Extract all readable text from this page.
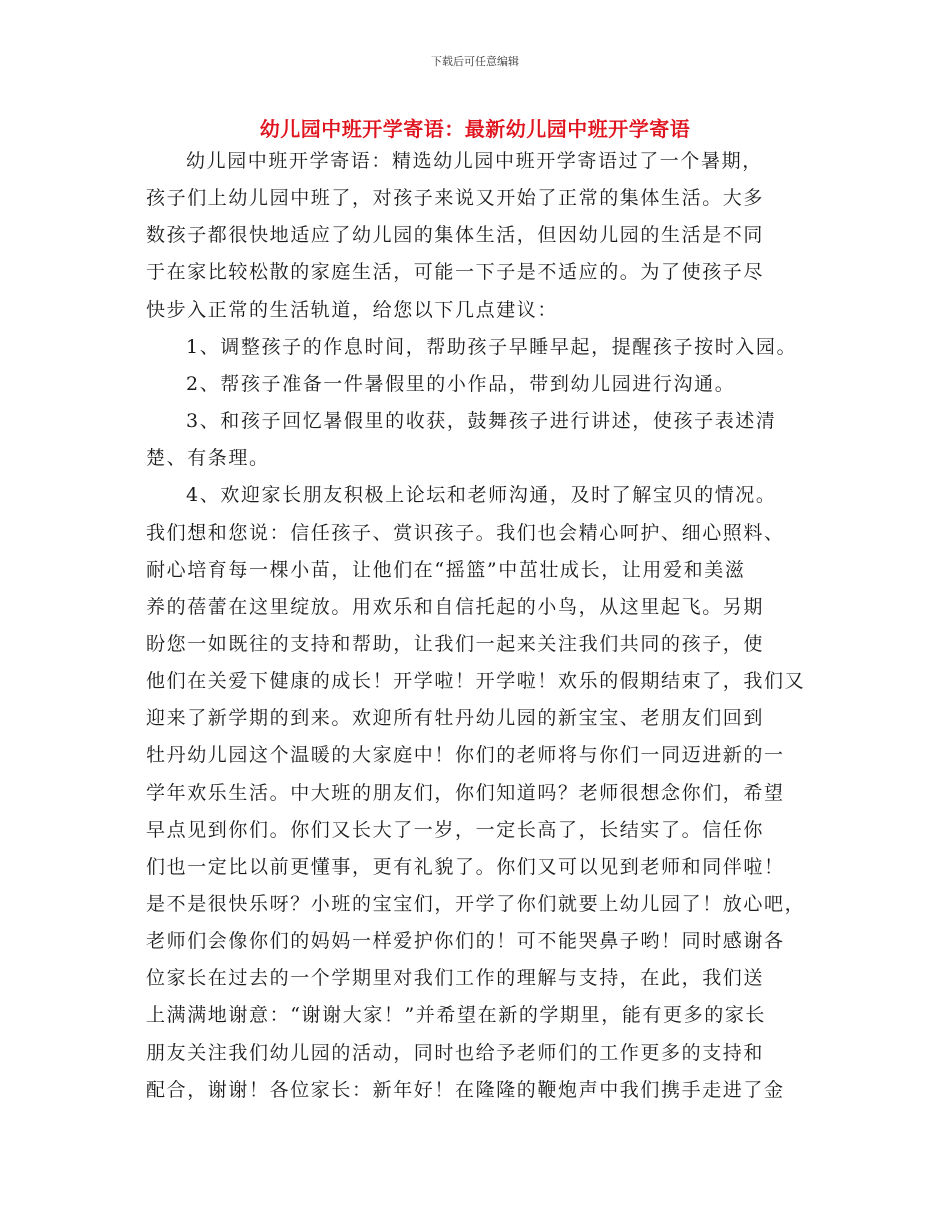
下载后可任意编辑
幼儿园中班开学寄语：最新幼儿园中班开学寄语
幼儿园中班开学寄语：精选幼儿园中班开学寄语过了一个暑期，
孩子们上幼儿园中班了，对孩子来说又开始了正常的集体生活。大多
数孩子都很快地适应了幼儿园的集体生活，但因幼儿园的生活是不同
于在家比较松散的家庭生活，可能一下子是不适应的。为了使孩子尽
快步入正常的生活轨道，给您以下几点建议：
1、调整孩子的作息时间，帮助孩子早睡早起，提醒孩子按时入园。
2、帮孩子准备一件暑假里的小作品，带到幼儿园进行沟通。
3、和孩子回忆暑假里的收获，鼓舞孩子进行讲述，使孩子表述清
楚、有条理。
4、欢迎家长朋友积极上论坛和老师沟通，及时了解宝贝的情况。
我们想和您说：信任孩子、赏识孩子。我们也会精心呵护、细心照料、
耐心培育每一棵小苗，让他们在“摇篮”中茁壮成长，让用爱和美滋
养的蓓蕾在这里绽放。用欢乐和自信托起的小鸟，从这里起飞。另期
盼您一如既往的支持和帮助，让我们一起来关注我们共同的孩子，使
他们在关爱下健康的成长！开学啦！开学啦！欢乐的假期结束了，我们又
迎来了新学期的到来。欢迎所有牡丹幼儿园的新宝宝、老朋友们回到
牡丹幼儿园这个温暖的大家庭中！你们的老师将与你们一同迈进新的一
学年欢乐生活。中大班的朋友们，你们知道吗？老师很想念你们，希望
早点见到你们。你们又长大了一岁，一定长高了，长结实了。信任你
们也一定比以前更懂事，更有礼貌了。你们又可以见到老师和同伴啦！
是不是很快乐呀？小班的宝宝们，开学了你们就要上幼儿园了！放心吧，
老师们会像你们的妈妈一样爱护你们的！可不能哭鼻子哟！同时感谢各
位家长在过去的一个学期里对我们工作的理解与支持，在此，我们送
上满满地谢意：“谢谢大家！”并希望在新的学期里，能有更多的家长
朋友关注我们幼儿园的活动，同时也给予老师们的工作更多的支持和
配合，谢谢！各位家长：新年好！在隆隆的鞭炮声中我们携手走进了金
